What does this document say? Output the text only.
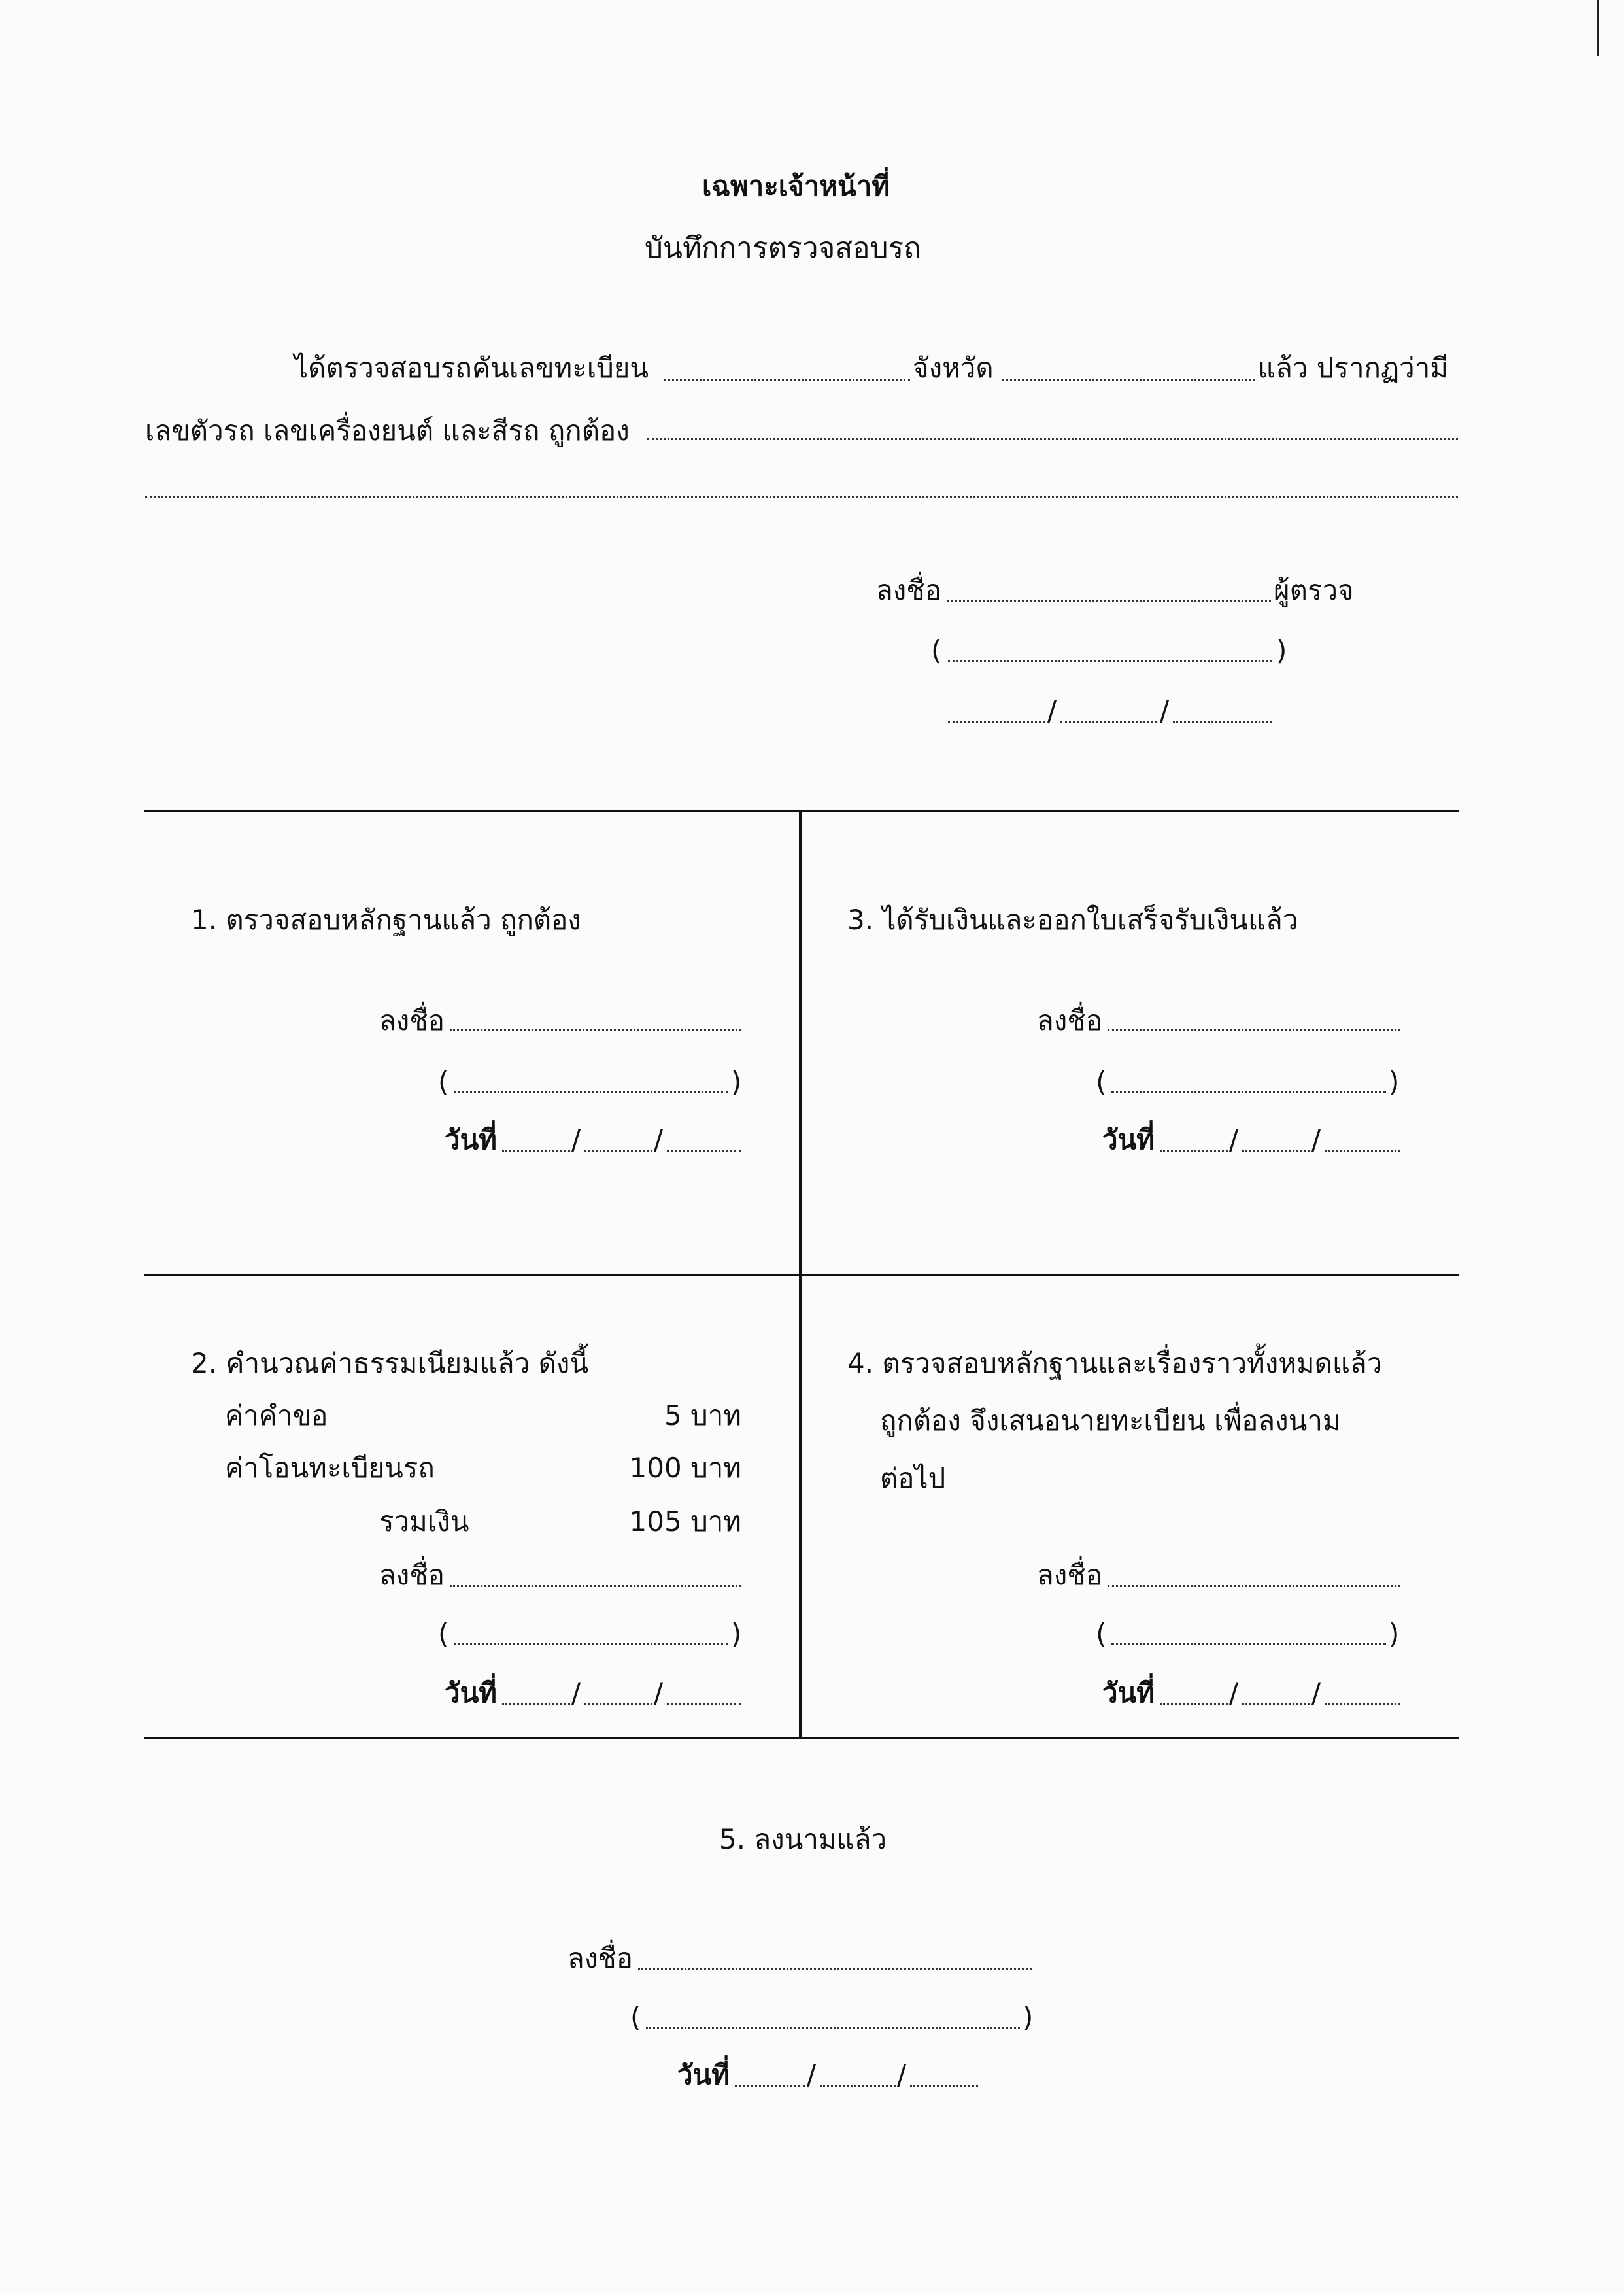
เฉพาะเจ้าหน้าที่
บันทึกการตรวจสอบรถ
ได้ตรวจสอบรถคันเลขทะเบียน	จังหวัด	แล้ว ปรากฏว่ามี
เลขตัวรถ เลขเครื่องยนต์ และสีรถ ถูกต้อง
ลงชื่อ	ผู้ตรวจ
(	)
/	/
1. ตรวจสอบหลักฐานแล้ว ถูกต้อง
ลงชื่อ
(	)
วันที่	/	/
3. ได้รับเงินและออกใบเสร็จรับเงินแล้ว
ลงชื่อ
(	)
วันที่	/	/
2. คำนวณค่าธรรมเนียมแล้ว ดังนี้
ค่าคำขอ	5 บาท
ค่าโอนทะเบียนรถ	100 บาท
รวมเงิน	105 บาท
ลงชื่อ
(	)
วันที่	/	/
4. ตรวจสอบหลักฐานและเรื่องราวทั้งหมดแล้ว
ถูกต้อง จึงเสนอนายทะเบียน เพื่อลงนาม
ต่อไป
ลงชื่อ
(	)
วันที่	/	/
5. ลงนามแล้ว
ลงชื่อ
(	)
วันที่	/	/
